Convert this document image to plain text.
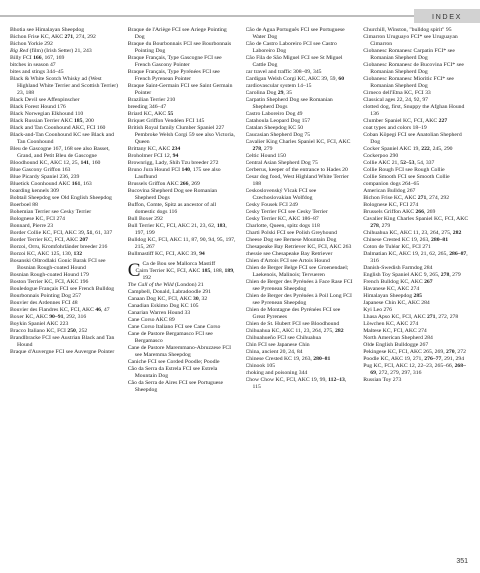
INDEX

Bhotia see Himalayan Sheepdog

Bichon Frise KC, AKC 271, 274, 292

Bichon Yorkie 292

Big Red (film) (Irish Setter) 21, 243

Billy FCI 166, 167, 169

bitches in season 47

bites and stings 344–45

Black & White Scotch Whisky ad (West Highland White Terrier and Scottish Terrier) 23, 188

Black Devil see Affenpinscher

Black Forest Hound 176

Black Norwegian Elkhound 110

Black Russian Terrier AKC 185, 200

Black and Tan Coonhound AKC, FCI 160

Black-and-Tan Coonhound KC see Black and Tan Coonhound

Bleu de Gascogne 167, 168 see also Basset, Grand, and Petit Bleu de Gascogne

Bloodhound KC, AKC 12, 25, 141, 160

Blue Gascony Griffon 163

Blue Picardy Spaniel 236, 239

Bluetick Coonhound AKC 161, 163

boarding kennels 309

Bobtail Sheepdog see Old English Sheepdog

Boerboel 88

Bohemian Terrier see Cesky Terrier

Bolognese KC, FCI 274

Bonnard, Pierre 23

Border Collie KC, FCI, AKC 39, 51, 61, 337

Border Terrier KC, FCI, AKC 207

Borzoi, Orru, Kromfohrländer breeder 216

Borzoi KC, AKC 125, 130, 132

Bosanski Oštrodlaki Gonic Barak FCI see Bosnian Rough-coated Hound

Bosnian Rough-coated Hound 179

Boston Terrier KC, FCI, AKC 196

Bouledogue Français FCI see French Bulldog

Bourbonnais Pointing Dog 257

Bouvier des Ardennes FCI 48

Bouvier des Flandres KC, FCI, AKC 46, 47

Boxer KC, AKC 90–91, 292, 316

Boykin Spaniel AKC 223

Bracco Italiano KC, FCI 250, 252

Brandlbracke FCI see Austrian Black and Tan Hound

Braque d'Auvergne FCI see Auvergne Pointer

Braque de l'Ariège FCI see Ariege Pointing Dog

Braque du Bourbonnais FCI see Bourbonnais Pointing Dog

Braque Français, Type Gascogne FCI see French Gascony Pointer

Braque Français, Type Pyrénées FCI see French Pyrenean Pointer

Braque Saint-Germain FCI see Saint Germain Pointer

Brazilian Terrier 210

breeding 346–47

Briard KC, AKC 55

Briquet Griffon Vendéen FCI 145

British Royal family Clumber Spaniel 227 Pembroke Welsh Corgi 59 see also Victoria, Queen

Brittany KC, AKC 234

Broholmer FCI 12, 94

Brownrigg, Lady, Shih Tzu breeder 272

Bruno Jura Hound FCI 140, 175 see also Laufhund

Brussels Griffon AKC 266, 269

Bucovina Shepherd Dog see Romanian Shepherd Dogs

Buffon, Comte, Spitz as ancestor of all domestic dogs 116

Bull Boxer 292

Bull Terrier KC, FCI, AKC 21, 23, 62, 183, 197, 199

Bulldog KC, FCI, AKC 11, 87, 90, 94, 95, 197, 215, 267

Bullmastiff KC, FCI, AKC 39, 94

C Ca de Bou see Mallorca Mastiff

Cairn Terrier KC, FCI, AKC 185, 188, 189, 192

The Call of the Wild (London) 21

Campbell, Donald, Labradoodle 291

Canaan Dog KC, FCI, AKC 30, 32

Canadian Eskimo Dog KC 105

Canarian Warren Hound 33

Cane Corso AKC 89

Cane Corso Italiano FCI see Cane Corso

Cane de Pastore Bergamasco FCI see Bergamasco

Cane de Pastore Maremmano-Abruzzese FCI see Maremma Sheepdog

Caniche FCI see Corded Poodle; Poodle

Cão da Serra da Estrela FCI see Estrela Mountain Dog

Cão da Serra de Aires FCI see Portuguese Sheepdog

Cão de Agua Português FCI see Portuguese Water Dog

Cão de Castro Laboreiro FCI see Castro Laboreiro Dog

Cão Fila de São Miguel FCI see St Miguel Cattle Dog

car travel and traffic 308–09, 345

Cardigan Welsh Corgi KC, AKC 39, 59, 60

cardiovascular system 14–15

Carolina Dog 29, 35

Carpatin Shepherd Dog see Romanian Shepherd Dogs

Castro Laboreiro Dog 49

Catahoula Leopard Dog 157

Catalan Sheepdog KC 50

Caucasian Shepherd Dog 75

Cavalier King Charles Spaniel KC, FCI, AKC 278, 279

Celtic Hound 150

Central Asian Shepherd Dog 75

Cerberus, keeper of the entrance to Hades 20

Cesar dog food, West Highland White Terrier 188

Ceskoslovenský Vlcak FCI see Czechoslovakian Wolfdog

Cesky Fousek FCI 249

Cesky Terrier FCI see Cesky Terrier

Cesky Terrier KC, AKC 186–87

Charlotte, Queen, spitz dogs 118

Charti Polski FCI see Polish Greyhound

Cheese Dog see Bernese Mountain Dog

Chesapeake Bay Retriever KC, FCI, AKC 263

chessie see Chesapeake Bay Retriever

Chien d'Artois FCI see Artois Hound

Chien de Berger Belge FCI see Groenendael; Laekenois, Malinois; Tervueren

Chien de Berger des Pyrénées à Face Rase FCI see Pyrenean Sheepdog

Chien de Berger des Pyrénées à Poil Long FCI see Pyrenean Sheepdog

Chien de Montagne des Pyrénées FCI see Great Pyrenees

Chien de St. Hubert FCI see Bloodhound

Chihuahua KC, AKC 11, 23, 264, 275, 282

Chihuahueño FCI see Chihuahua

Chin FCI see Japanese Chin

China, ancient 20, 24, 84

Chinese Crested KC 19, 263, 280–81

Chinook 105

choking and poisoning 344

Chow Chow KC, FCI, AKC 19, 99, 112–13, 115

Churchill, Winston, "bulldog spirit" 95

Cimarron Uruguayo FCI* see Uruguayan Cimarron

Ciobanesc Romanesc Carpatin FCI* see Romanian Shepherd Dog

Ciobanesc Romanesc de Bucovina FCI* see Romanian Shepherd Dog

Ciobanesc Romanesc Mioritic FCI* see Romanian Shepherd Dog

Cirneco dell'Etna KC, FCI 33

Classical ages 22, 24, 92, 97

clotted dog, first, Snuppy the Afghan Hound 136

Clumber Spaniel KC, FCI, AKC 227

coat types and colors 18–19

Coban Köpegi FCI see Anatolian Shepherd Dog

Cocker Spaniel AKC 19, 222, 245, 290

Cockerpoo 290

Collie AKC 21, 52–53, 54, 337

Collie Rough FCI see Rough Collie

Collie Smooth FCI see Smooth Collie

companion dogs 264–65

American Bulldog 267

Bichon Frise KC, AKC 271, 274, 292

Bolognese KC, FCI 274

Brussels Griffon AKC 266, 269

Cavalier King Charles Spaniel KC, FCI, AKC 278, 279

Chihuahua KC, AKC 11, 23, 264, 275, 282

Chinese Crested KC 19, 263, 280–81

Coton de Tuléar KC, FCI 271

Dalmatian KC, AKC 19, 21, 62, 265, 286–87, 316

Danish-Swedish Farmdog 284

English Toy Spaniel AKC 9, 265, 278, 279

French Bulldog KC, AKC 267

Havanese KC, AKC 274

Himalayan Sheepdog 285

Japanese Chin KC, AKC 284

Kyi Leo 276

Lhasa Apso KC, FCI, AKC 271, 272, 278

Löwchen KC, AKC 274

Maltese KC, FCI, AKC 274

North American Shepherd 284

Olde English Bulldogge 267

Pekingese KC, FCI, AKC 265, 269, 270, 272

Poodle KC, AKC 19, 271, 276–77, 291, 294

Pug KC, FCI, AKC 12, 22–23, 265–66, 268–69, 272, 279, 297, 316

Russian Toy 273

351
